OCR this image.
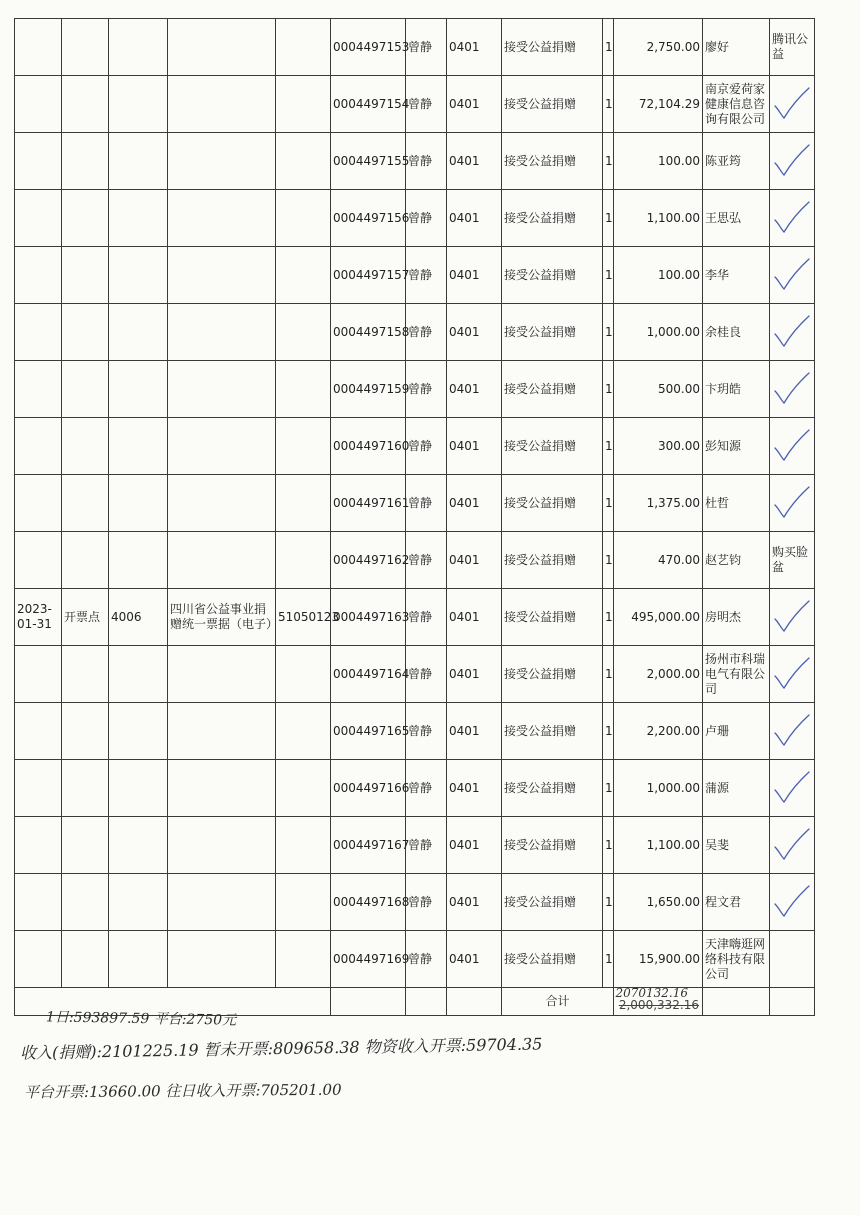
					0004497153	曾静	0401	接受公益捐赠	1	2,750.00	廖好	腾讯公益
					0004497154	曾静	0401	接受公益捐赠	1	72,104.29	南京爱荷家健康信息咨询有限公司	

					0004497155	曾静	0401	接受公益捐赠	1	100.00	陈亚筠	

					0004497156	曾静	0401	接受公益捐赠	1	1,100.00	王思弘	

					0004497157	曾静	0401	接受公益捐赠	1	100.00	李华	

					0004497158	曾静	0401	接受公益捐赠	1	1,000.00	余桂良	

					0004497159	曾静	0401	接受公益捐赠	1	500.00	卞玥皓	

					0004497160	曾静	0401	接受公益捐赠	1	300.00	彭知源	

					0004497161	曾静	0401	接受公益捐赠	1	1,375.00	杜哲	

					0004497162	曾静	0401	接受公益捐赠	1	470.00	赵艺钧	购买脸盆
2023-01-31	开票点	4006	四川省公益事业捐赠统一票据（电子）	51050123	0004497163	曾静	0401	接受公益捐赠	1	495,000.00	房明杰	

					0004497164	曾静	0401	接受公益捐赠	1	2,000.00	扬州市科瑞电气有限公司	

					0004497165	曾静	0401	接受公益捐赠	1	2,200.00	卢珊	

					0004497166	曾静	0401	接受公益捐赠	1	1,000.00	蒲源	

					0004497167	曾静	0401	接受公益捐赠	1	1,100.00	吴斐	

					0004497168	曾静	0401	接受公益捐赠	1	1,650.00	程文君	

					0004497169	曾静	0401	接受公益捐赠	1	15,900.00	天津嗨逛网络科技有限公司	
								合计		2070132.16
2,000,332.16		

1日:593897.59 平台:2750元
收入(捐赠):2101225.19 暂未开票:809658.38 物资收入开票:59704.35
平台开票:13660.00 往日收入开票:705201.00
